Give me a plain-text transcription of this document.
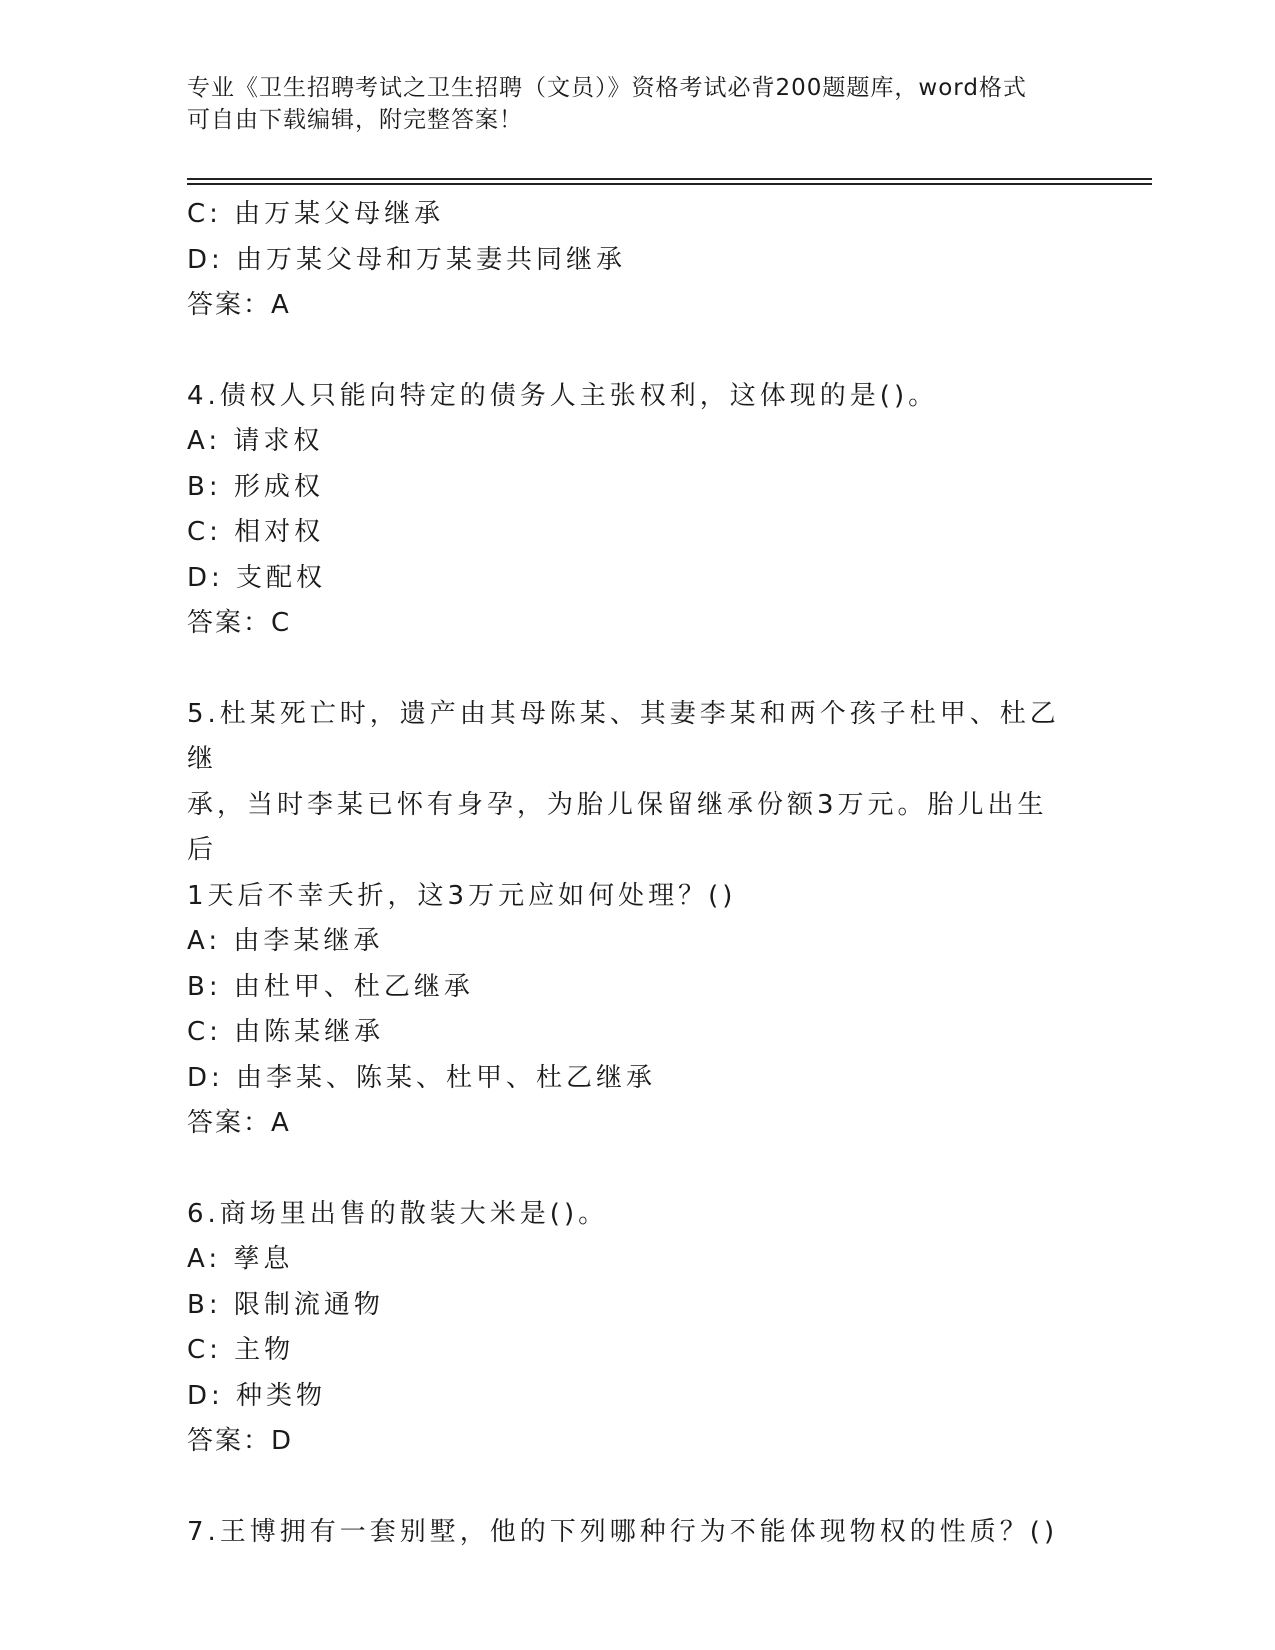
专业《卫生招聘考试之卫生招聘（文员）》资格考试必背200题题库，word格式
可自由下载编辑，附完整答案！
C: 由万某父母继承
D: 由万某父母和万某妻共同继承
答案：A
4.债权人只能向特定的债务人主张权利，这体现的是()。
A: 请求权
B: 形成权
C: 相对权
D: 支配权
答案：C
5.杜某死亡时，遗产由其母陈某、其妻李某和两个孩子杜甲、杜乙继
承，当时李某已怀有身孕，为胎儿保留继承份额3万元。胎儿出生后
1天后不幸夭折，这3万元应如何处理？()
A: 由李某继承
B: 由杜甲、杜乙继承
C: 由陈某继承
D: 由李某、陈某、杜甲、杜乙继承
答案：A
6.商场里出售的散装大米是()。
A: 孳息
B: 限制流通物
C: 主物
D: 种类物
答案：D
7.王博拥有一套别墅，他的下列哪种行为不能体现物权的性质？()
